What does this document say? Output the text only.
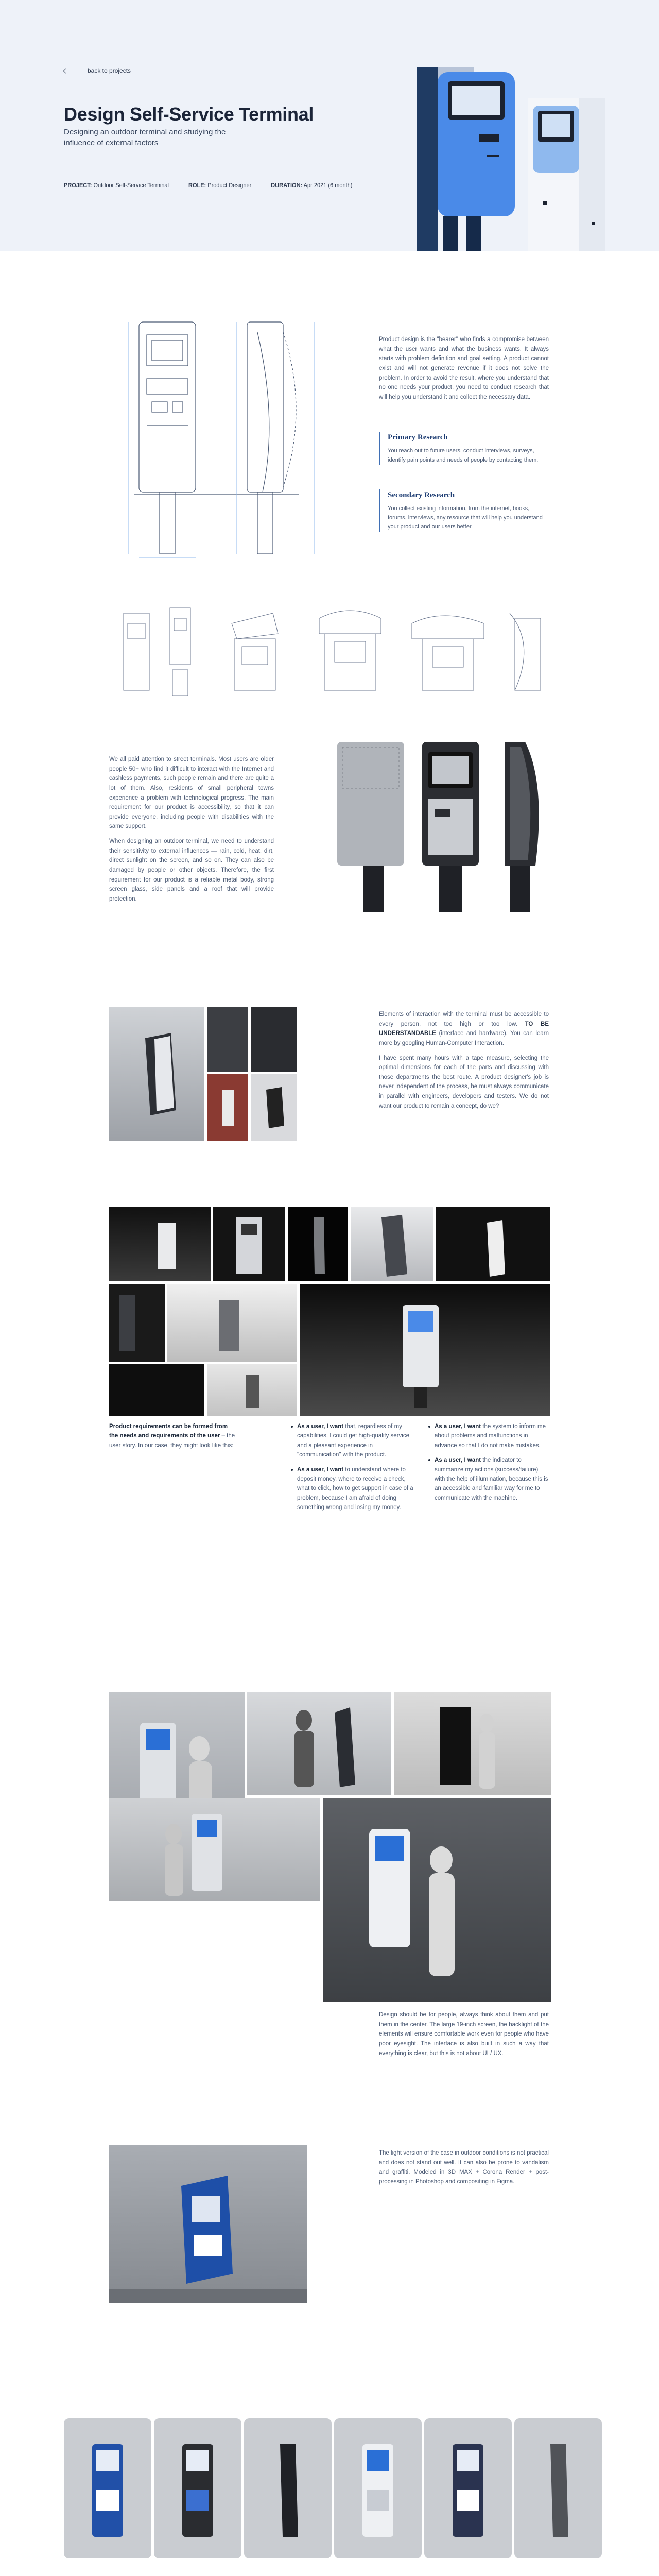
back to projects
Design Self-Service Terminal
Designing an outdoor terminal and studying the influence of external factors
PROJECT: Outdoor Self-Service Terminal	ROLE: Product Designer	DURATION: Apr 2021 (6 month)
Product design is the "bearer" who finds a compromise between what the user wants and what the business wants. It always starts with problem definition and goal setting. A product cannot exist and will not generate revenue if it does not solve the problem. In order to avoid the result, where you understand that no one needs your product, you need to conduct research that will help you understand it and collect the necessary data.
Primary Research

You reach out to future users, conduct interviews, surveys, identify pain points and needs of people by contacting them.

Secondary Research

You collect existing information, from the internet, books, forums, interviews, any resource that will help you understand your product and our users better.

We all paid attention to street terminals. Most users are older people 50+ who find it difficult to interact with the Internet and cashless payments, such people remain and there are quite a lot of them. Also, residents of small peripheral towns experience a problem with technological progress. The main requirement for our product is accessibility, so that it can provide everyone, including people with disabilities with the same support.

When designing an outdoor terminal, we need to understand their sensitivity to external influences — rain, cold, heat, dirt, direct sunlight on the screen, and so on. They can also be damaged by people or other objects. Therefore, the first requirement for our product is a reliable metal body, strong screen glass, side panels and a roof that will provide protection.

Elements of interaction with the terminal must be accessible to every person, not too high or too low. TO BE UNDERSTANDABLE (interface and hardware). You can learn more by googling Human-Computer Interaction.

I have spent many hours with a tape measure, selecting the optimal dimensions for each of the parts and discussing with those departments the best route. A product designer's job is never independent of the process, he must always communicate in parallel with engineers, developers and testers. We do not want our product to remain a concept, do we?

Product requirements can be formed from the needs and requirements of the user – the user story. In our case, they might look like this:
As a user, I want that, regardless of my capabilities, I could get high-quality service and a pleasant experience in "communication" with the product.
As a user, I want to understand where to deposit money, where to receive a check, what to click, how to get support in case of a problem, because I am afraid of doing something wrong and losing my money.
As a user, I want the system to inform me about problems and malfunctions in advance so that I do not make mistakes.
As a user, I want the indicator to summarize my actions (success/failure) with the help of illumination, because this is an accessible and familiar way for me to communicate with the machine.
Design should be for people, always think about them and put them in the center. The large 19-inch screen, the backlight of the elements will ensure comfortable work even for people who have poor eyesight. The interface is also built in such a way that everything is clear, but this is not about UI / UX.
The light version of the case in outdoor conditions is not practical and does not stand out well. It can also be prone to vandalism and graffiti. Modeled in 3D MAX + Corona Render + post-processing in Photoshop and compositing in Figma.
